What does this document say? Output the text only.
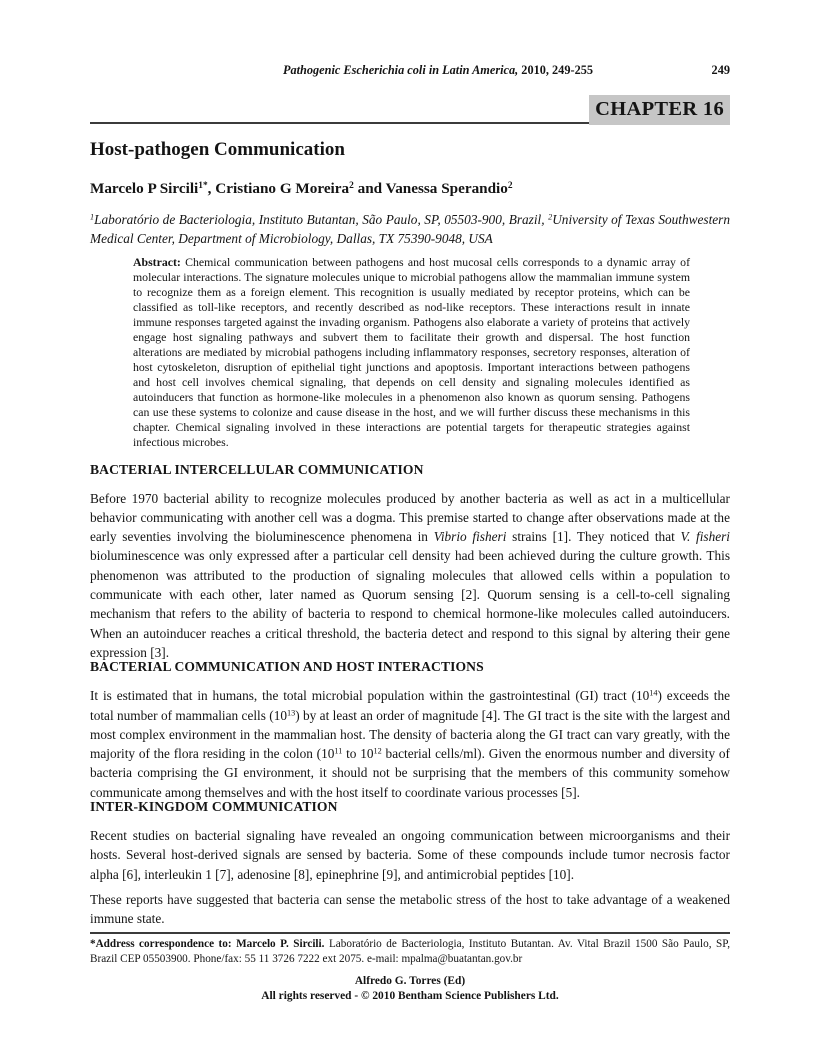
Pathogenic Escherichia coli in Latin America, 2010, 249-255	249
CHAPTER 16
Host-pathogen Communication
Marcelo P Sircili$^{1*}$, Cristiano G Moreira$^2$ and Vanessa Sperandio$^2$
$^1$Laboratório de Bacteriologia, Instituto Butantan, São Paulo, SP, 05503-900, Brazil, $^2$University of Texas Southwestern Medical Center, Department of Microbiology, Dallas, TX 75390-9048, USA
Abstract: Chemical communication between pathogens and host mucosal cells corresponds to a dynamic array of molecular interactions. The signature molecules unique to microbial pathogens allow the mammalian immune system to recognize them as a foreign element. This recognition is usually mediated by receptor proteins, which can be classified as toll-like receptors, and recently described as nod-like receptors. These interactions result in innate immune responses targeted against the invading organism. Pathogens also elaborate a variety of proteins that actively engage host signaling pathways and subvert them to facilitate their growth and dispersal. The host function alterations are mediated by microbial pathogens including inflammatory responses, secretory responses, alteration of host cytoskeleton, disruption of epithelial tight junctions and apoptosis. Important interactions between pathogens and host cell involves chemical signaling, that depends on cell density and signaling molecules identified as autoinducers that function as hormone-like molecules in a phenomenon also known as quorum sensing. Pathogens can use these systems to colonize and cause disease in the host, and we will further discuss these mechanisms in this chapter. Chemical signaling involved in these interactions are potential targets for therapeutic strategies against infectious microbes.
BACTERIAL INTERCELLULAR COMMUNICATION

Before 1970 bacterial ability to recognize molecules produced by another bacteria as well as act in a multicellular behavior communicating with another cell was a dogma. This premise started to change after observations made at the early seventies involving the bioluminescence phenomena in Vibrio fisheri strains [1]. They noticed that V. fisheri bioluminescence was only expressed after a particular cell density had been achieved during the culture growth. This phenomenon was attributed to the production of signaling molecules that allowed cells within a population to communicate with each other, later named as Quorum sensing [2]. Quorum sensing is a cell-to-cell signaling mechanism that refers to the ability of bacteria to respond to chemical hormone-like molecules called autoinducers. When an autoinducer reaches a critical threshold, the bacteria detect and respond to this signal by altering their gene expression [3].

BACTERIAL COMMUNICATION AND HOST INTERACTIONS

It is estimated that in humans, the total microbial population within the gastrointestinal (GI) tract $(10^{14})$ exceeds the total number of mammalian cells $(10^{13})$ by at least an order of magnitude [4]. The GI tract is the site with the largest and most complex environment in the mammalian host. The density of bacteria along the GI tract can vary greatly, with the majority of the flora residing in the colon ($10^{11}$ to $10^{12}$ bacterial cells/ml). Given the enormous number and diversity of bacteria comprising the GI environment, it should not be surprising that the members of this community somehow communicate among themselves and with the host itself to coordinate various processes [5].

INTER-KINGDOM COMMUNICATION

Recent studies on bacterial signaling have revealed an ongoing communication between microorganisms and their hosts. Several host-derived signals are sensed by bacteria. Some of these compounds include tumor necrosis factor alpha [6], interleukin 1 [7], adenosine [8], epinephrine [9], and antimicrobial peptides [10].

These reports have suggested that bacteria can sense the metabolic stress of the host to take advantage of a weakened immune state.

*Address correspondence to: Marcelo P. Sircili. Laboratório de Bacteriologia, Instituto Butantan. Av. Vital Brazil 1500 São Paulo, SP, Brazil CEP 05503900. Phone/fax: 55 11 3726 7222 ext 2075. e-mail: mpalma@buatantan.gov.br

Alfredo G. Torres (Ed)
All rights reserved - © 2010 Bentham Science Publishers Ltd.
